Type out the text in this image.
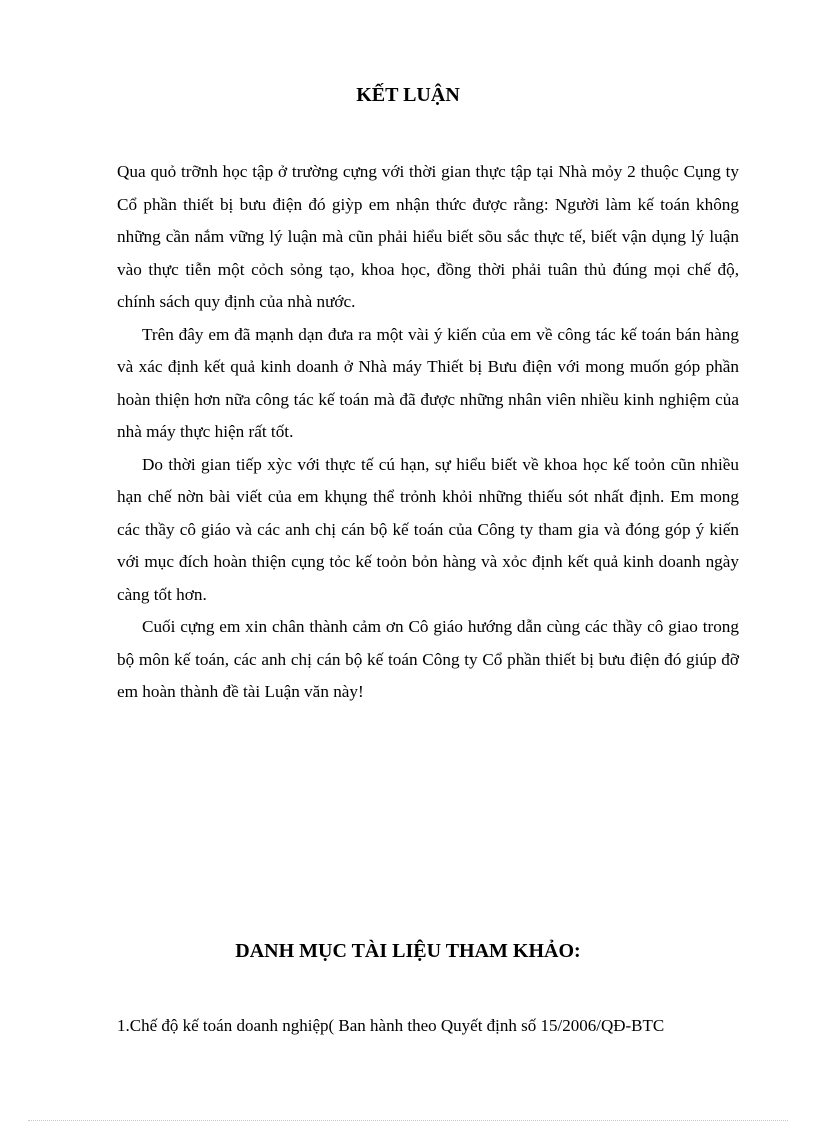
KẾT LUẬN

Qua quỏ trỡnh học tập ở trường cựng với thời gian thực tập tại Nhà mỏy 2 thuộc Cụng ty Cổ phần thiết bị bưu điện đó giỳp em nhận thức được rằng: Người làm kế toán không những cần nắm vững lý luận mà cũn phải hiểu biết sõu sắc thực tế, biết vận dụng lý luận vào thực tiễn một cỏch sỏng tạo, khoa học, đồng thời phải tuân thủ đúng mọi chế độ, chính sách quy định của nhà nước.

Trên đây em đã mạnh dạn đưa ra một vài ý kiến của em về công tác kế toán bán hàng và xác định kết quả kinh doanh ở Nhà máy Thiết bị Bưu điện với mong muốn góp phần hoàn thiện hơn nữa công tác kế toán mà đã được những nhân viên nhiều kinh nghiệm của nhà máy thực hiện rất tốt.

Do thời gian tiếp xỳc với thực tế cú hạn, sự hiểu biết về khoa học kế toỏn cũn nhiều hạn chế nờn bài viết của em khụng thể trỏnh khỏi những thiếu sót nhất định. Em mong các thầy cô giáo và các anh chị cán bộ kế toán của Công ty tham gia và đóng góp ý kiến với mục đích hoàn thiện cụng tỏc kế toỏn bỏn hàng và xỏc định kết quả kinh doanh ngày càng tốt hơn.

Cuối cựng em xin chân thành cảm ơn Cô giáo hướng dẫn cùng các thầy cô giao trong bộ môn kế toán, các anh chị cán bộ kế toán Công ty Cổ phần thiết bị bưu điện đó giúp đỡ em hoàn thành đề tài Luận văn này!

DANH MỤC TÀI LIỆU THAM KHẢO:

1.Chế độ kế toán doanh nghiệp( Ban hành theo Quyết định số 15/2006/QĐ-BTC
